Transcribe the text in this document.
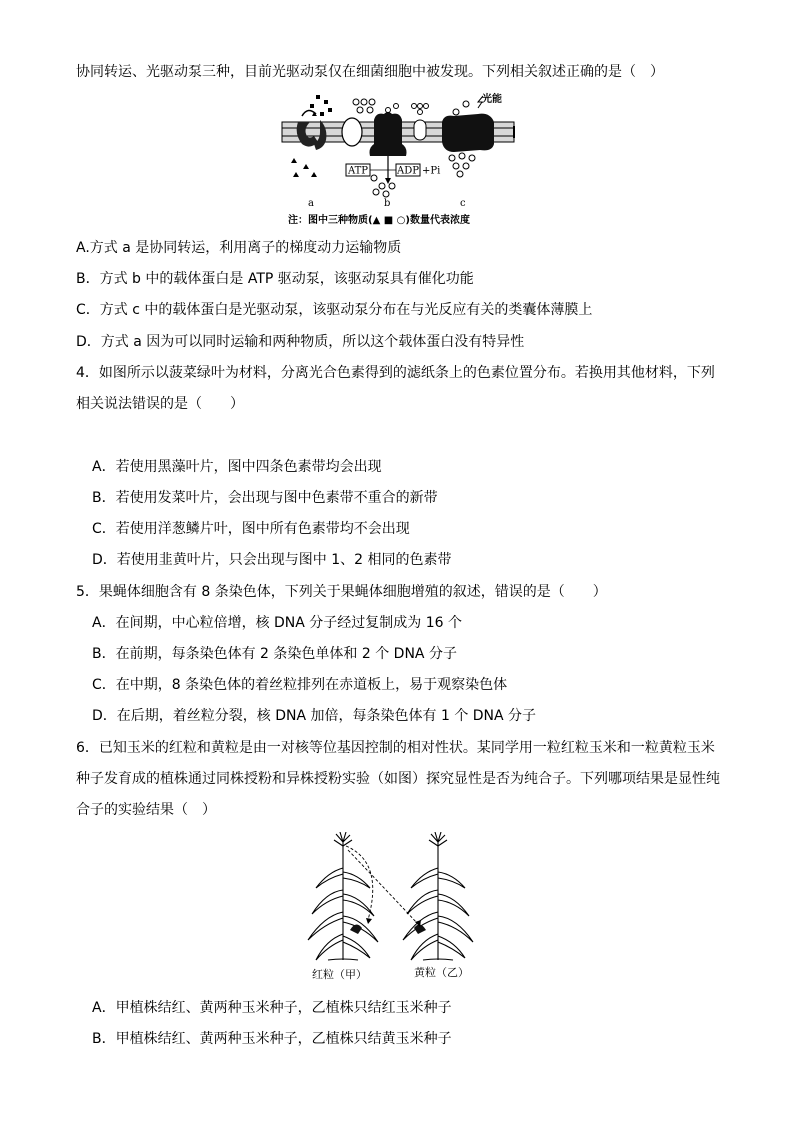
协同转运、光驱动泵三种，目前光驱动泵仅在细菌细胞中被发现。下列相关叙述正确的是（　）
ATP	ADP +Pi
光能
a	b	c
注：图中三种物质(▲ ■ ○)数量代表浓度
A.方式 a 是协同转运，利用离子的梯度动力运输物质
B．方式 b 中的载体蛋白是 ATP 驱动泵，该驱动泵具有催化功能
C．方式 c 中的载体蛋白是光驱动泵，该驱动泵分布在与光反应有关的类囊体薄膜上
D．方式 a 因为可以同时运输和两种物质，所以这个载体蛋白没有特异性
4．如图所示以菠菜绿叶为材料，分离光合色素得到的滤纸条上的色素位置分布。若换用其他材料，下列
相关说法错误的是（　　）
A．若使用黑藻叶片，图中四条色素带均会出现
B．若使用发菜叶片，会出现与图中色素带不重合的新带
C．若使用洋葱鳞片叶，图中所有色素带均不会出现
D．若使用韭黄叶片，只会出现与图中 1、2 相同的色素带
5．果蝇体细胞含有 8 条染色体，下列关于果蝇体细胞增殖的叙述，错误的是（　　）
A．在间期，中心粒倍增，核 DNA 分子经过复制成为 16 个
B．在前期，每条染色体有 2 条染色单体和 2 个 DNA 分子
C．在中期，8 条染色体的着丝粒排列在赤道板上，易于观察染色体
D．在后期，着丝粒分裂，核 DNA 加倍，每条染色体有 1 个 DNA 分子
6．已知玉米的红粒和黄粒是由一对核等位基因控制的相对性状。某同学用一粒红粒玉米和一粒黄粒玉米
种子发育成的植株通过同株授粉和异株授粉实验（如图）探究显性是否为纯合子。下列哪项结果是显性纯
合子的实验结果（　）
红粒（甲）	黄粒（乙）
A．甲植株结红、黄两种玉米种子，乙植株只结红玉米种子
B．甲植株结红、黄两种玉米种子，乙植株只结黄玉米种子
